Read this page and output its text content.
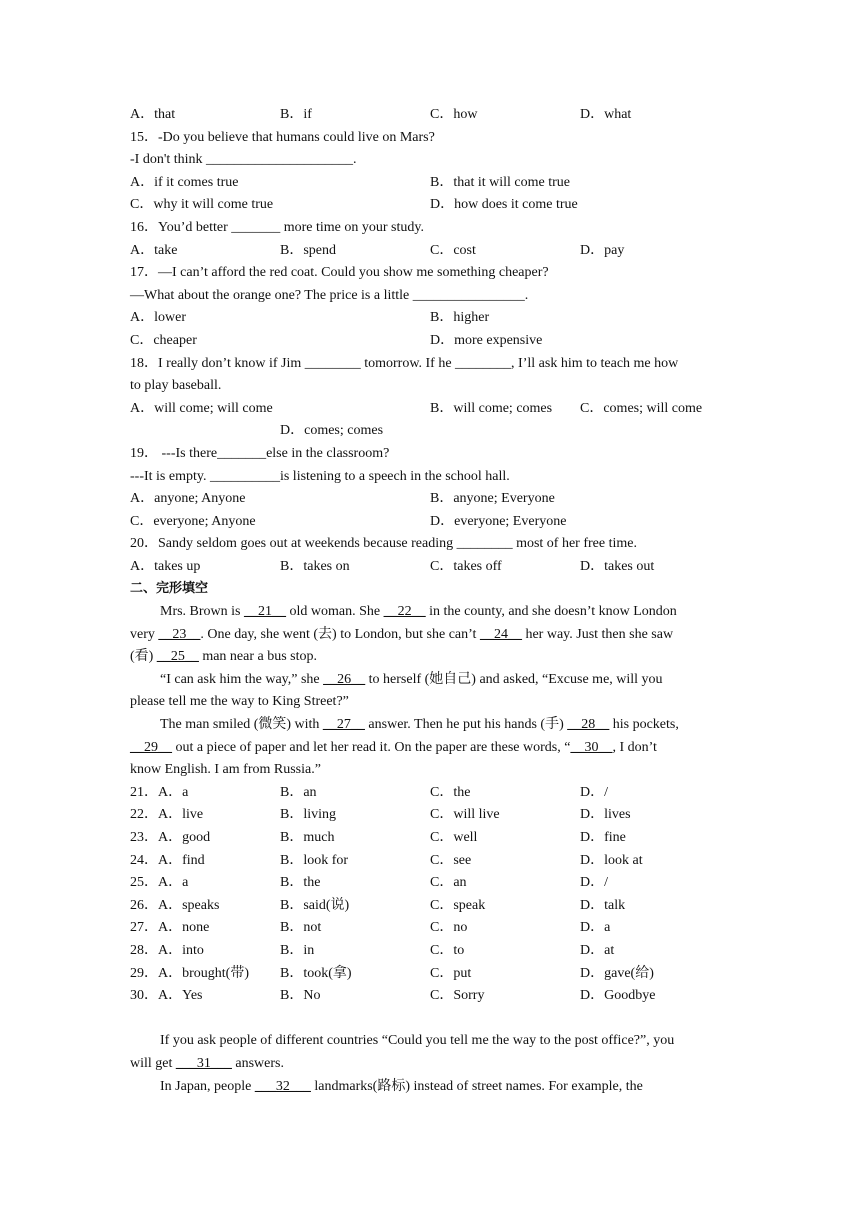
A．that	B．if	C．how	D．what
15．-Do you believe that humans could live on Mars?
-I don't think _____________________.
A．if it comes true	B．that it will come true
C．why it will come true	D．how does it come true
16．You’d better _______ more time on your study.
A．take	B．spend	C．cost	D．pay
17．—I can’t afford the red coat. Could you show me something cheaper?
—What about the orange one? The price is a little ________________.
A．lower	B．higher
C．cheaper	D．more expensive
18．I really don’t know if Jim ________ tomorrow. If he ________, I’ll ask him to teach me how
to play baseball.
A．will come; will come	B．will come; comes C．comes; will come
D．comes; comes
19． ---Is there_______else in the classroom?
---It is empty. __________is listening to a speech in the school hall.
A．anyone; Anyone	B．anyone; Everyone
C．everyone; Anyone	D．everyone; Everyone
20．Sandy seldom goes out at weekends because reading ________ most of her free time.
A．takes up	B．takes on	C．takes off	D．takes out
二、完形填空
Mrs. Brown is __21__ old woman. She __22__ in the county, and she doesn’t know London
very __23__. One day, she went (去) to London, but she can’t __24__ her way. Just then she saw
(看) __25__ man near a bus stop.
“I can ask him the way,” she __26__ to herself (她自己) and asked, “Excuse me, will you
please tell me the way to King Street?”
The man smiled (微笑) with __27__ answer. Then he put his hands (手) __28__ his pockets,
__29__ out a piece of paper and let her read it. On the paper are these words, “__30__, I don’t
know English. I am from Russia.”
21．A．a	B．an	C．the	D．/
22．A．live	B．living	C．will live	D．lives
23．A．good	B．much	C．well	D．fine
24．A．find	B．look for	C．see	D．look at
25．A．a	B．the	C．an	D．/
26．A．speaks	B．said(说)	C．speak	D．talk
27．A．none	B．not	C．no	D．a
28．A．into	B．in	C．to	D．at
29．A．brought(带) B．took(拿)	C．put	D．gave(给)
30．A．Yes	B．No	C．Sorry	D．Goodbye
If you ask people of different countries “Could you tell me the way to the post office?”, you
will get ___31___ answers.
In Japan, people ___32___ landmarks(路标) instead of street names. For example, the
